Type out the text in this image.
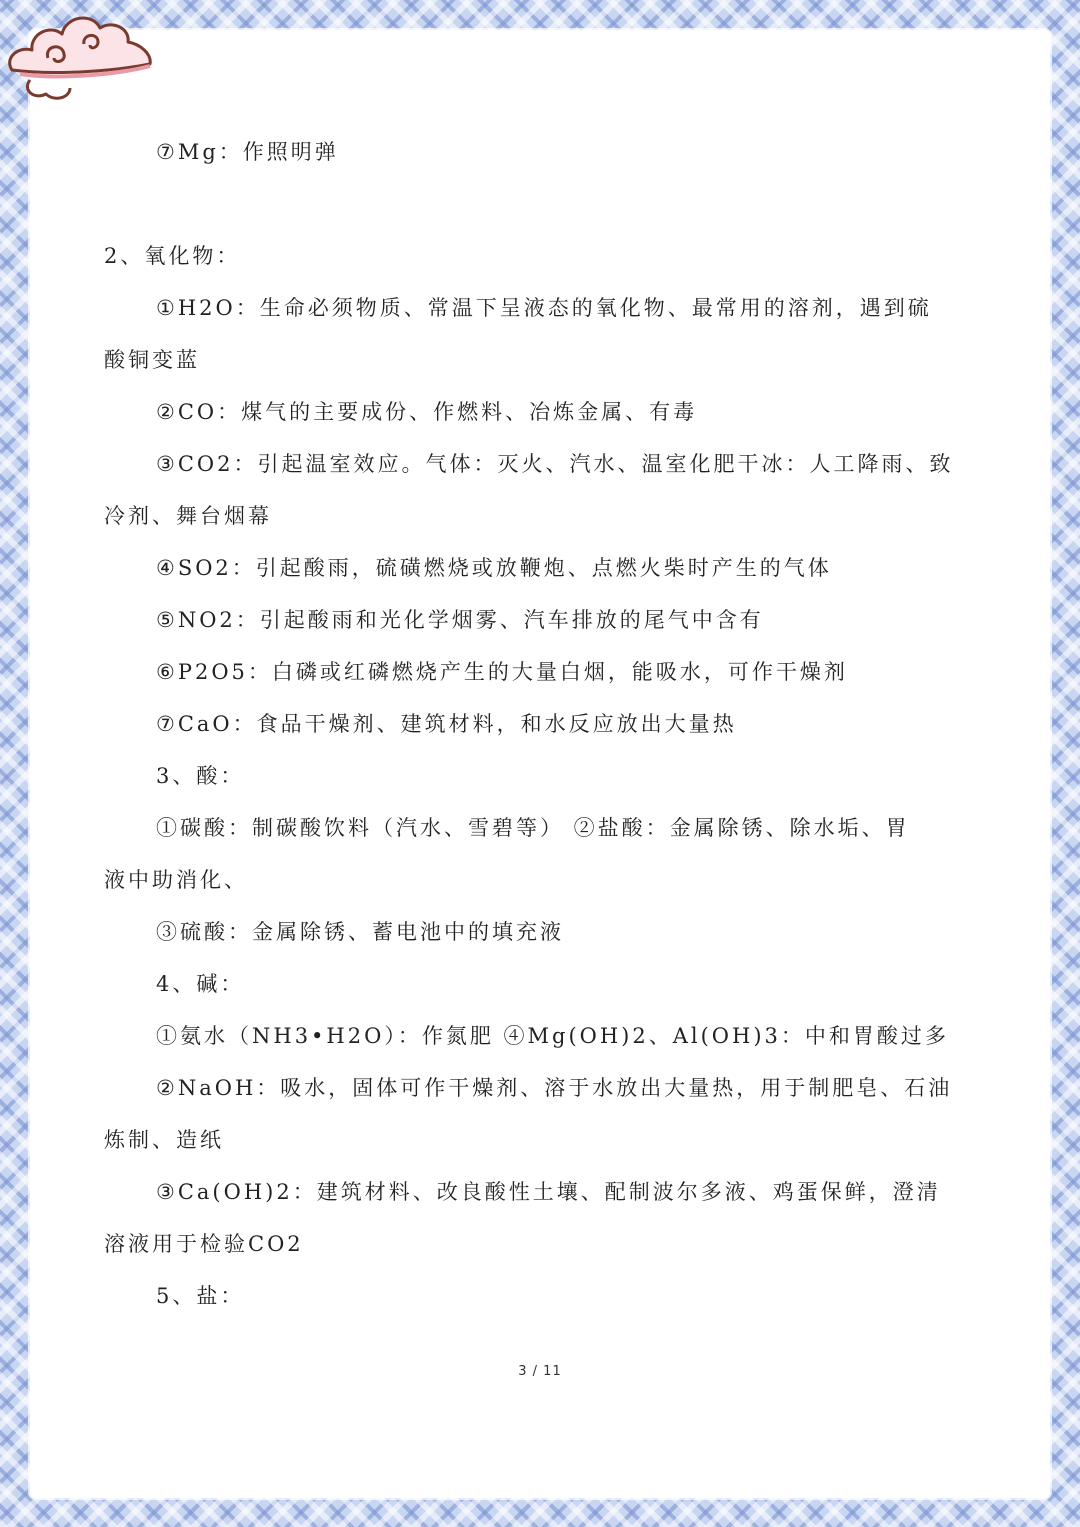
⑦Mg：作照明弹

2、氧化物：

①H2O：生命必须物质、常温下呈液态的氧化物、最常用的溶剂，遇到硫

酸铜变蓝

②CO：煤气的主要成份、作燃料、冶炼金属、有毒

③CO2：引起温室效应。气体：灭火、汽水、温室化肥干冰：人工降雨、致

冷剂、舞台烟幕

④SO2：引起酸雨，硫磺燃烧或放鞭炮、点燃火柴时产生的气体

⑤NO2：引起酸雨和光化学烟雾、汽车排放的尾气中含有

⑥P2O5：白磷或红磷燃烧产生的大量白烟，能吸水，可作干燥剂

⑦CaO：食品干燥剂、建筑材料，和水反应放出大量热

3、酸：

①碳酸：制碳酸饮料（汽水、雪碧等） ②盐酸：金属除锈、除水垢、胃

液中助消化、

③硫酸：金属除锈、蓄电池中的填充液

4、碱：

①氨水（NH3•H2O）：作氮肥 ④Mg(OH)2、Al(OH)3：中和胃酸过多

②NaOH：吸水，固体可作干燥剂、溶于水放出大量热，用于制肥皂、石油

炼制、造纸

③Ca(OH)2：建筑材料、改良酸性土壤、配制波尔多液、鸡蛋保鲜，澄清

溶液用于检验CO2

5、盐：

3 / 11
